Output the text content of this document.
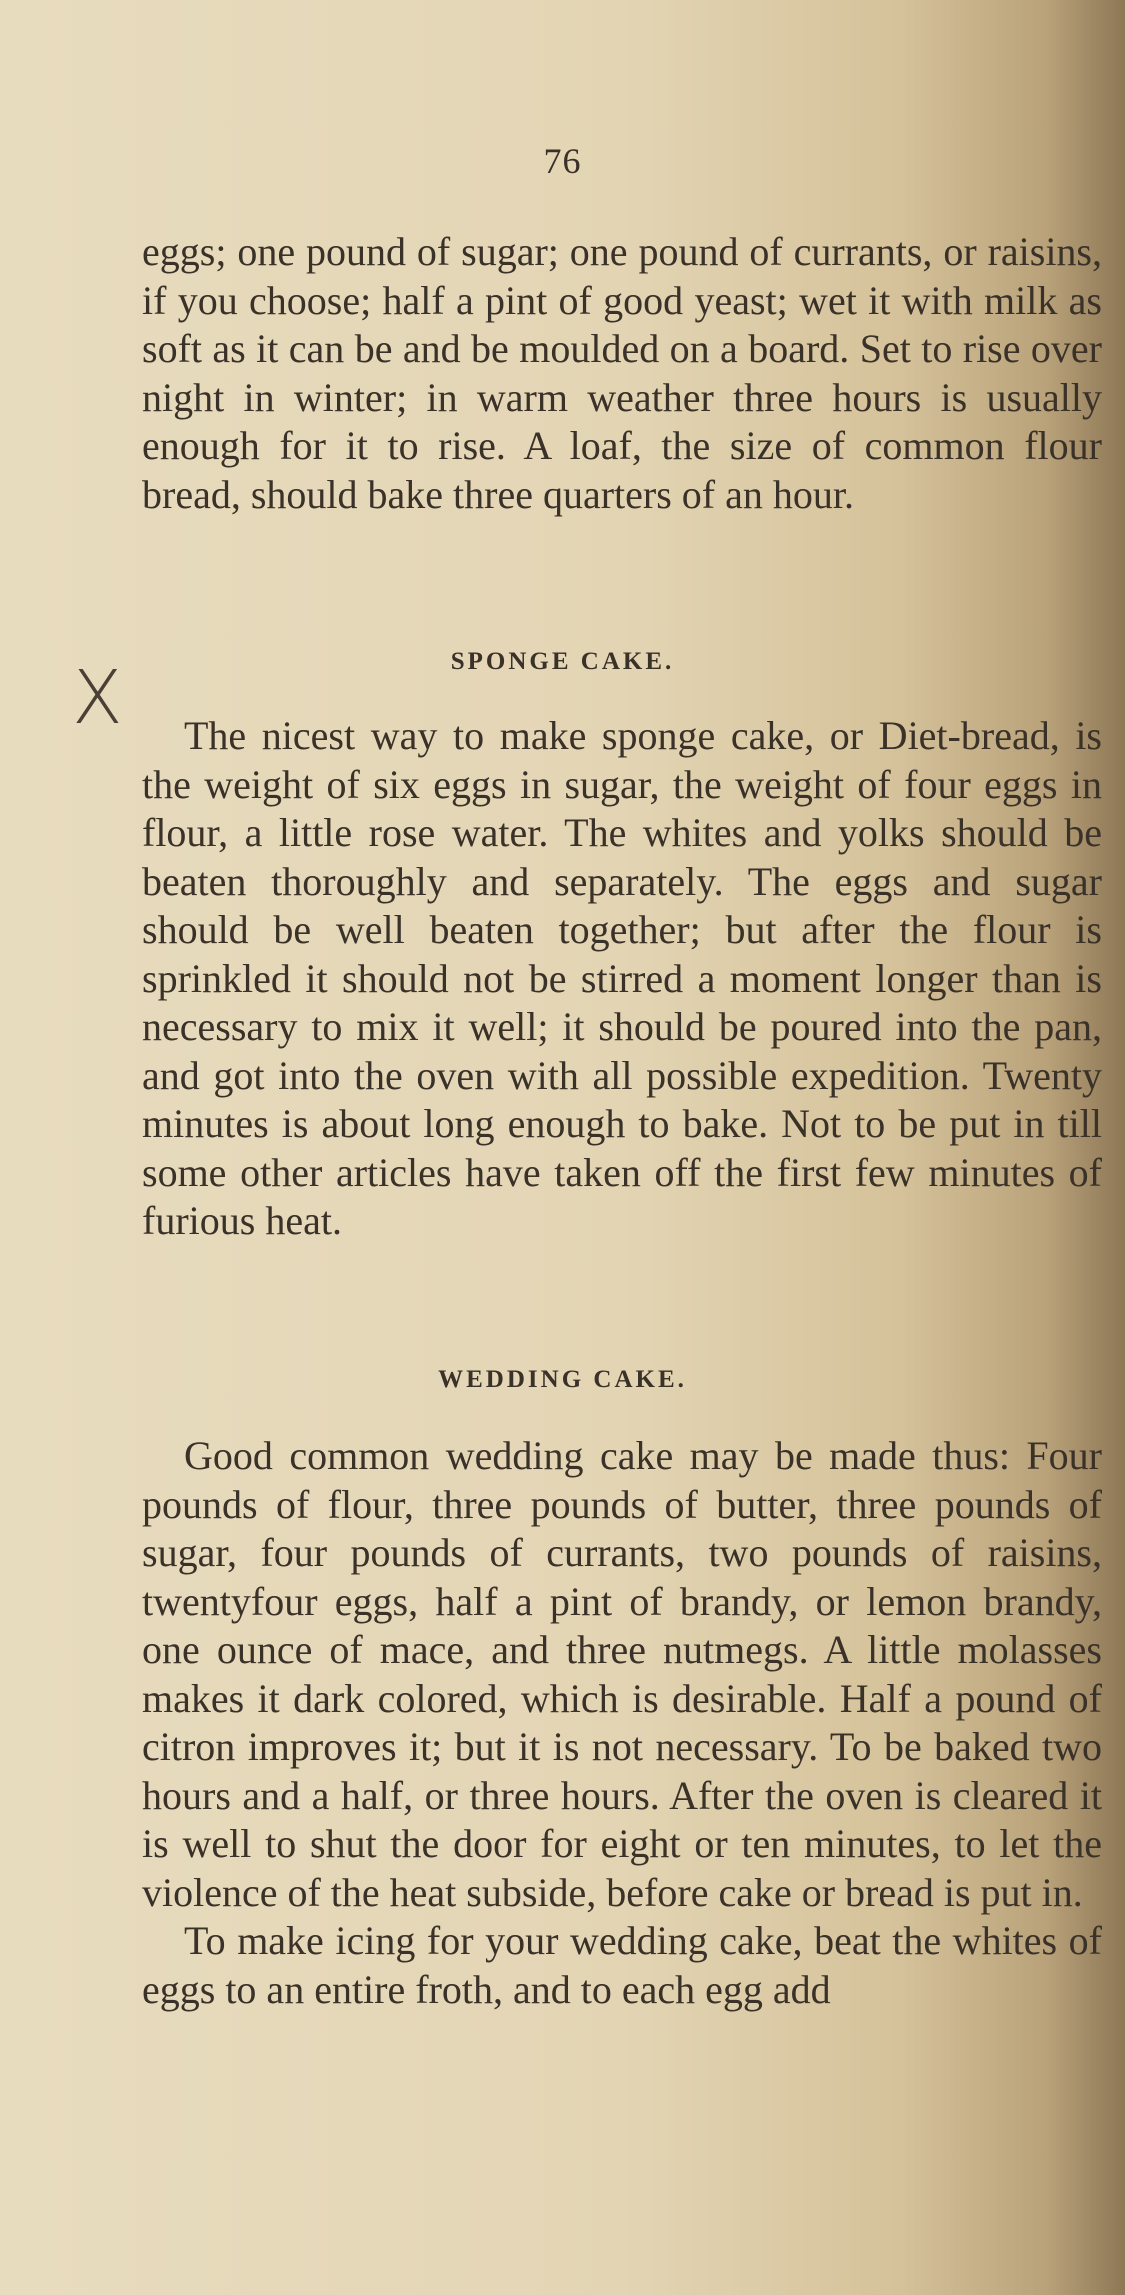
76

eggs; one pound of sugar; one pound of currants, or raisins, if you choose; half a pint of good yeast; wet it with milk as soft as it can be and be moulded on a board. Set to rise over night in winter; in warm weather three hours is usually enough for it to rise. A loaf, the size of common flour bread, should bake three quarters of an hour.

X	SPONGE CAKE.

The nicest way to make sponge cake, or Diet-bread, is the weight of six eggs in sugar, the weight of four eggs in flour, a little rose water. The whites and yolks should be beaten thoroughly and separately. The eggs and sugar should be well beaten together; but after the flour is sprinkled it should not be stirred a moment longer than is necessary to mix it well; it should be poured into the pan, and got into the oven with all possible expedition. Twenty minutes is about long enough to bake. Not to be put in till some other articles have taken off the first few minutes of furious heat.

WEDDING CAKE.

Good common wedding cake may be made thus: Four pounds of flour, three pounds of butter, three pounds of sugar, four pounds of currants, two pounds of raisins, twentyfour eggs, half a pint of brandy, or lemon brandy, one ounce of mace, and three nutmegs. A little molasses makes it dark colored, which is desirable. Half a pound of citron improves it; but it is not necessary. To be baked two hours and a half, or three hours. After the oven is cleared it is well to shut the door for eight or ten minutes, to let the violence of the heat subside, before cake or bread is put in.

To make icing for your wedding cake, beat the whites of eggs to an entire froth, and to each egg add
